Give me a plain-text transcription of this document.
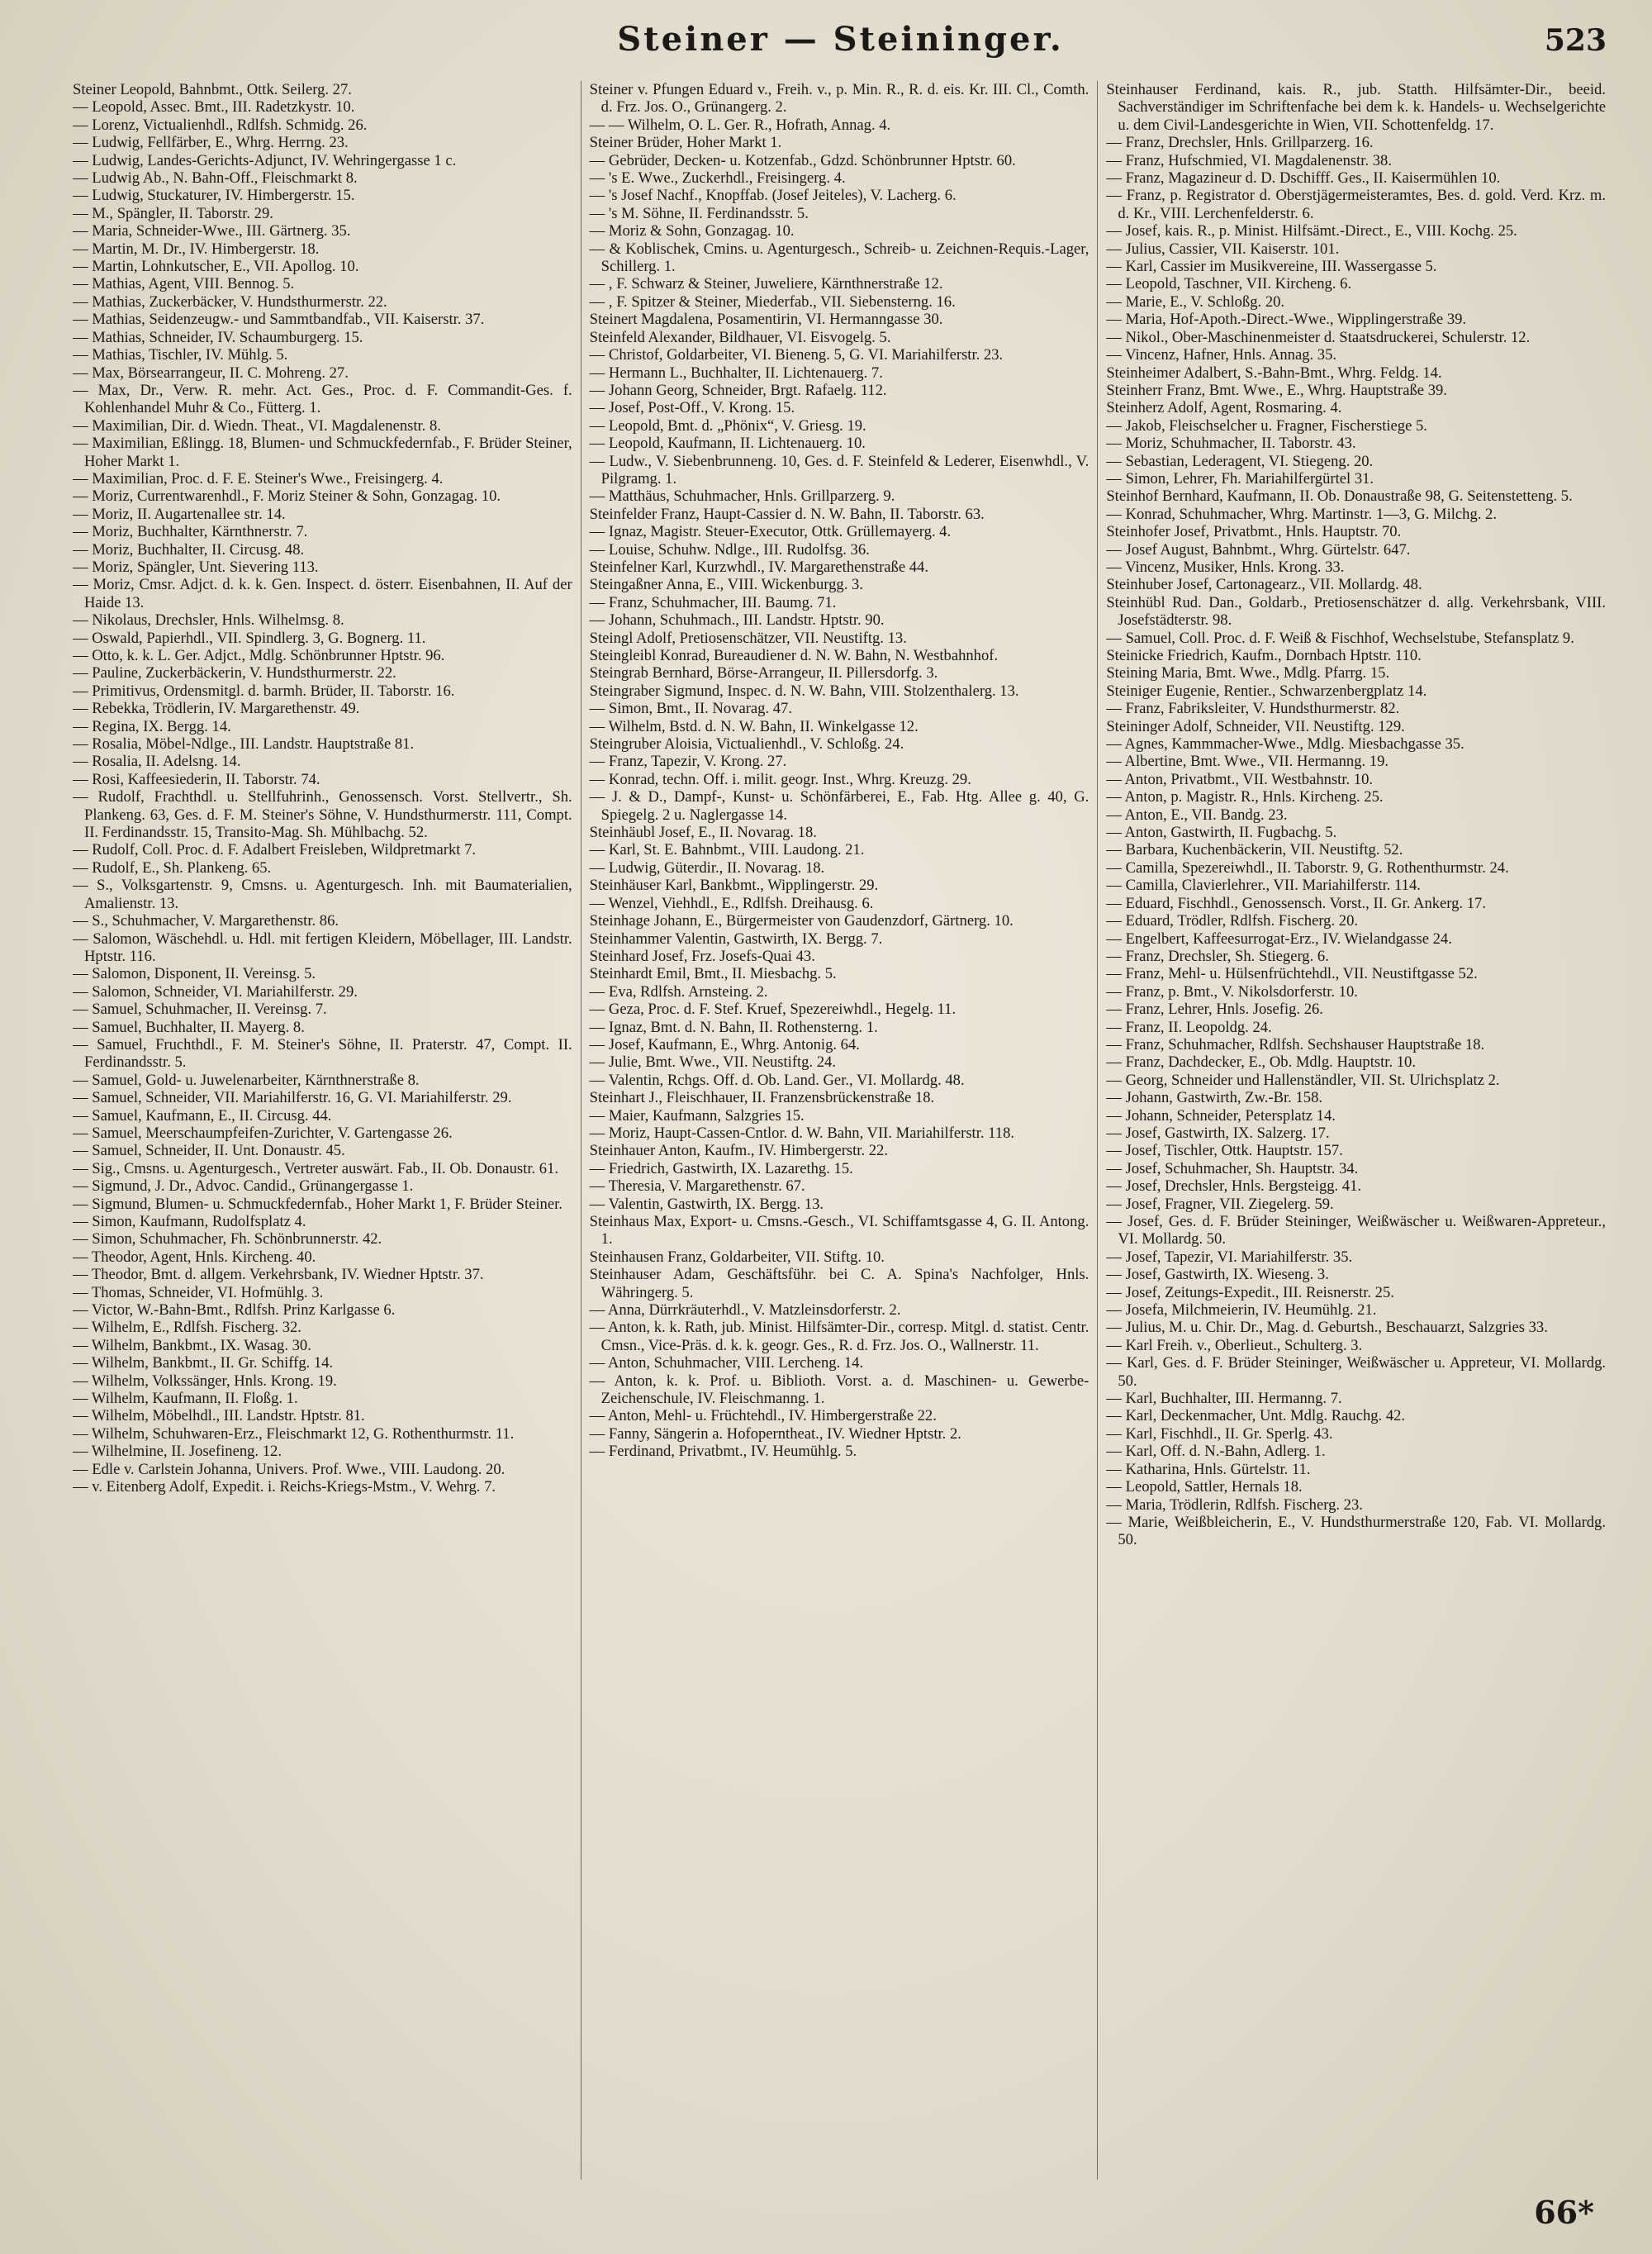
Steiner — Steininger.	523

Steiner Leopold, Bahnbmt., Ottk. Seilerg. 27.

— Leopold, Assec. Bmt., III. Radetzkystr. 10.

— Lorenz, Victualienhdl., Rdlfsh. Schmidg. 26.

— Ludwig, Fellfärber, E., Whrg. Herrng. 23.

— Ludwig, Landes-Gerichts-Adjunct, IV. Wehringergasse 1 c.

— Ludwig Ab., N. Bahn-Off., Fleischmarkt 8.

— Ludwig, Stuckaturer, IV. Himbergerstr. 15.

— M., Spängler, II. Taborstr. 29.

— Maria, Schneider-Wwe., III. Gärtnerg. 35.

— Martin, M. Dr., IV. Himbergerstr. 18.

— Martin, Lohnkutscher, E., VII. Apollog. 10.

— Mathias, Agent, VIII. Bennog. 5.

— Mathias, Zuckerbäcker, V. Hundsthurmerstr. 22.

— Mathias, Seidenzeugw.- und Sammtbandfab., VII. Kaiserstr. 37.

— Mathias, Schneider, IV. Schaumburgerg. 15.

— Mathias, Tischler, IV. Mühlg. 5.

— Max, Börsearrangeur, II. C. Mohreng. 27.

— Max, Dr., Verw. R. mehr. Act. Ges., Proc. d. F. Commandit-Ges. f. Kohlenhandel Muhr & Co., Fütterg. 1.

— Maximilian, Dir. d. Wiedn. Theat., VI. Magdalenenstr. 8.

— Maximilian, Eßlingg. 18, Blumen- und Schmuckfedernfab., F. Brüder Steiner, Hoher Markt 1.

— Maximilian, Proc. d. F. E. Steiner's Wwe., Freisingerg. 4.

— Moriz, Currentwarenhdl., F. Moriz Steiner & Sohn, Gonzagag. 10.

— Moriz, II. Augartenallee str. 14.

— Moriz, Buchhalter, Kärnthnerstr. 7.

— Moriz, Buchhalter, II. Circusg. 48.

— Moriz, Spängler, Unt. Sievering 113.

— Moriz, Cmsr. Adjct. d. k. k. Gen. Inspect. d. österr. Eisenbahnen, II. Auf der Haide 13.

— Nikolaus, Drechsler, Hnls. Wilhelmsg. 8.

— Oswald, Papierhdl., VII. Spindlerg. 3, G. Bognerg. 11.

— Otto, k. k. L. Ger. Adjct., Mdlg. Schönbrunner Hptstr. 96.

— Pauline, Zuckerbäckerin, V. Hundsthurmerstr. 22.

— Primitivus, Ordensmitgl. d. barmh. Brüder, II. Taborstr. 16.

— Rebekka, Trödlerin, IV. Margarethenstr. 49.

— Regina, IX. Bergg. 14.

— Rosalia, Möbel-Ndlge., III. Landstr. Hauptstraße 81.

— Rosalia, II. Adelsng. 14.

— Rosi, Kaffeesiederin, II. Taborstr. 74.

— Rudolf, Frachthdl. u. Stellfuhrinh., Genossensch. Vorst. Stellvertr., Sh. Plankeng. 63, Ges. d. F. M. Steiner's Söhne, V. Hundsthurmerstr. 111, Compt. II. Ferdinandsstr. 15, Transito-Mag. Sh. Mühlbachg. 52.

— Rudolf, Coll. Proc. d. F. Adalbert Freisleben, Wildpretmarkt 7.

— Rudolf, E., Sh. Plankeng. 65.

— S., Volksgartenstr. 9, Cmsns. u. Agenturgesch. Inh. mit Baumaterialien, Amalienstr. 13.

— S., Schuhmacher, V. Margarethenstr. 86.

— Salomon, Wäschehdl. u. Hdl. mit fertigen Kleidern, Möbellager, III. Landstr. Hptstr. 116.

— Salomon, Disponent, II. Vereinsg. 5.

— Salomon, Schneider, VI. Mariahilferstr. 29.

— Samuel, Schuhmacher, II. Vereinsg. 7.

— Samuel, Buchhalter, II. Mayerg. 8.

— Samuel, Fruchthdl., F. M. Steiner's Söhne, II. Praterstr. 47, Compt. II. Ferdinandsstr. 5.

— Samuel, Gold- u. Juwelenarbeiter, Kärnthnerstraße 8.

— Samuel, Schneider, VII. Mariahilferstr. 16, G. VI. Mariahilferstr. 29.

— Samuel, Kaufmann, E., II. Circusg. 44.

— Samuel, Meerschaumpfeifen-Zurichter, V. Gartengasse 26.

— Samuel, Schneider, II. Unt. Donaustr. 45.

— Sig., Cmsns. u. Agenturgesch., Vertreter auswärt. Fab., II. Ob. Donaustr. 61.

— Sigmund, J. Dr., Advoc. Candid., Grünangergasse 1.

— Sigmund, Blumen- u. Schmuckfedernfab., Hoher Markt 1, F. Brüder Steiner.

— Simon, Kaufmann, Rudolfsplatz 4.

— Simon, Schuhmacher, Fh. Schönbrunnerstr. 42.

— Theodor, Agent, Hnls. Kircheng. 40.

— Theodor, Bmt. d. allgem. Verkehrsbank, IV. Wiedner Hptstr. 37.

— Thomas, Schneider, VI. Hofmühlg. 3.

— Victor, W.-Bahn-Bmt., Rdlfsh. Prinz Karlgasse 6.

— Wilhelm, E., Rdlfsh. Fischerg. 32.

— Wilhelm, Bankbmt., IX. Wasag. 30.

— Wilhelm, Bankbmt., II. Gr. Schiffg. 14.

— Wilhelm, Volkssänger, Hnls. Krong. 19.

— Wilhelm, Kaufmann, II. Floßg. 1.

— Wilhelm, Möbelhdl., III. Landstr. Hptstr. 81.

— Wilhelm, Schuhwaren-Erz., Fleischmarkt 12, G. Rothenthurmstr. 11.

— Wilhelmine, II. Josefineng. 12.

— Edle v. Carlstein Johanna, Univers. Prof. Wwe., VIII. Laudong. 20.

— v. Eitenberg Adolf, Expedit. i. Reichs-Kriegs-Mstm., V. Wehrg. 7.

Steiner v. Pfungen Eduard v., Freih. v., p. Min. R., R. d. eis. Kr. III. Cl., Comth. d. Frz. Jos. O., Grünangerg. 2.

— — Wilhelm, O. L. Ger. R., Hofrath, Annag. 4.

Steiner Brüder, Hoher Markt 1.

— Gebrüder, Decken- u. Kotzenfab., Gdzd. Schönbrunner Hptstr. 60.

— 's E. Wwe., Zuckerhdl., Freisingerg. 4.

— 's Josef Nachf., Knopffab. (Josef Jeiteles), V. Lacherg. 6.

— 's M. Söhne, II. Ferdinandsstr. 5.

— Moriz & Sohn, Gonzagag. 10.

— & Koblischek, Cmins. u. Agenturgesch., Schreib- u. Zeichnen-Requis.-Lager, Schillerg. 1.

— , F. Schwarz & Steiner, Juweliere, Kärnthnerstraße 12.

— , F. Spitzer & Steiner, Miederfab., VII. Siebensterng. 16.

Steinert Magdalena, Posamentirin, VI. Hermanngasse 30.

Steinfeld Alexander, Bildhauer, VI. Eisvogelg. 5.

— Christof, Goldarbeiter, VI. Bieneng. 5, G. VI. Mariahilferstr. 23.

— Hermann L., Buchhalter, II. Lichtenauerg. 7.

— Johann Georg, Schneider, Brgt. Rafaelg. 112.

— Josef, Post-Off., V. Krong. 15.

— Leopold, Bmt. d. „Phönix“, V. Griesg. 19.

— Leopold, Kaufmann, II. Lichtenauerg. 10.

— Ludw., V. Siebenbrunneng. 10, Ges. d. F. Steinfeld & Lederer, Eisenwhdl., V. Pilgramg. 1.

— Matthäus, Schuhmacher, Hnls. Grillparzerg. 9.

Steinfelder Franz, Haupt-Cassier d. N. W. Bahn, II. Taborstr. 63.

— Ignaz, Magistr. Steuer-Executor, Ottk. Grüllemayerg. 4.

— Louise, Schuhw. Ndlge., III. Rudolfsg. 36.

Steinfelner Karl, Kurzwhdl., IV. Margarethenstraße 44.

Steingaßner Anna, E., VIII. Wickenburgg. 3.

— Franz, Schuhmacher, III. Baumg. 71.

— Johann, Schuhmach., III. Landstr. Hptstr. 90.

Steingl Adolf, Pretiosenschätzer, VII. Neustiftg. 13.

Steingleibl Konrad, Bureaudiener d. N. W. Bahn, N. Westbahnhof.

Steingrab Bernhard, Börse-Arrangeur, II. Pillersdorfg. 3.

Steingraber Sigmund, Inspec. d. N. W. Bahn, VIII. Stolzenthalerg. 13.

— Simon, Bmt., II. Novarag. 47.

— Wilhelm, Bstd. d. N. W. Bahn, II. Winkelgasse 12.

Steingruber Aloisia, Victualienhdl., V. Schloßg. 24.

— Franz, Tapezir, V. Krong. 27.

— Konrad, techn. Off. i. milit. geogr. Inst., Whrg. Kreuzg. 29.

— J. & D., Dampf-, Kunst- u. Schönfärberei, E., Fab. Htg. Allee g. 40, G. Spiegelg. 2 u. Naglergasse 14.

Steinhäubl Josef, E., II. Novarag. 18.

— Karl, St. E. Bahnbmt., VIII. Laudong. 21.

— Ludwig, Güterdir., II. Novarag. 18.

Steinhäuser Karl, Bankbmt., Wipplingerstr. 29.

— Wenzel, Viehhdl., E., Rdlfsh. Dreihausg. 6.

Steinhage Johann, E., Bürgermeister von Gaudenzdorf, Gärtnerg. 10.

Steinhammer Valentin, Gastwirth, IX. Bergg. 7.

Steinhard Josef, Frz. Josefs-Quai 43.

Steinhardt Emil, Bmt., II. Miesbachg. 5.

— Eva, Rdlfsh. Arnsteing. 2.

— Geza, Proc. d. F. Stef. Kruef, Spezereiwhdl., Hegelg. 11.

— Ignaz, Bmt. d. N. Bahn, II. Rothensterng. 1.

— Josef, Kaufmann, E., Whrg. Antonig. 64.

— Julie, Bmt. Wwe., VII. Neustiftg. 24.

— Valentin, Rchgs. Off. d. Ob. Land. Ger., VI. Mollardg. 48.

Steinhart J., Fleischhauer, II. Franzensbrückenstraße 18.

— Maier, Kaufmann, Salzgries 15.

— Moriz, Haupt-Cassen-Cntlor. d. W. Bahn, VII. Mariahilferstr. 118.

Steinhauer Anton, Kaufm., IV. Himbergerstr. 22.

— Friedrich, Gastwirth, IX. Lazarethg. 15.

— Theresia, V. Margarethenstr. 67.

— Valentin, Gastwirth, IX. Bergg. 13.

Steinhaus Max, Export- u. Cmsns.-Gesch., VI. Schiffamtsgasse 4, G. II. Antong. 1.

Steinhausen Franz, Goldarbeiter, VII. Stiftg. 10.

Steinhauser Adam, Geschäftsführ. bei C. A. Spina's Nachfolger, Hnls. Währingerg. 5.

— Anna, Dürrkräuterhdl., V. Matzleinsdorferstr. 2.

— Anton, k. k. Rath, jub. Minist. Hilfsämter-Dir., corresp. Mitgl. d. statist. Centr. Cmsn., Vice-Präs. d. k. k. geogr. Ges., R. d. Frz. Jos. O., Wallnerstr. 11.

— Anton, Schuhmacher, VIII. Lercheng. 14.

— Anton, k. k. Prof. u. Biblioth. Vorst. a. d. Maschinen- u. Gewerbe-Zeichenschule, IV. Fleischmanng. 1.

— Anton, Mehl- u. Früchtehdl., IV. Himbergerstraße 22.

— Fanny, Sängerin a. Hofoperntheat., IV. Wiedner Hptstr. 2.

— Ferdinand, Privatbmt., IV. Heumühlg. 5.

Steinhauser Ferdinand, kais. R., jub. Statth. Hilfsämter-Dir., beeid. Sachverständiger im Schriftenfache bei dem k. k. Handels- u. Wechselgerichte u. dem Civil-Landesgerichte in Wien, VII. Schottenfeldg. 17.

— Franz, Drechsler, Hnls. Grillparzerg. 16.

— Franz, Hufschmied, VI. Magdalenenstr. 38.

— Franz, Magazineur d. D. Dschifff. Ges., II. Kaisermühlen 10.

— Franz, p. Registrator d. Oberstjägermeisteramtes, Bes. d. gold. Verd. Krz. m. d. Kr., VIII. Lerchenfelderstr. 6.

— Josef, kais. R., p. Minist. Hilfsämt.-Direct., E., VIII. Kochg. 25.

— Julius, Cassier, VII. Kaiserstr. 101.

— Karl, Cassier im Musikvereine, III. Wassergasse 5.

— Leopold, Taschner, VII. Kircheng. 6.

— Marie, E., V. Schloßg. 20.

— Maria, Hof-Apoth.-Direct.-Wwe., Wipplingerstraße 39.

— Nikol., Ober-Maschinenmeister d. Staatsdruckerei, Schulerstr. 12.

— Vincenz, Hafner, Hnls. Annag. 35.

Steinheimer Adalbert, S.-Bahn-Bmt., Whrg. Feldg. 14.

Steinherr Franz, Bmt. Wwe., E., Whrg. Hauptstraße 39.

Steinherz Adolf, Agent, Rosmaring. 4.

— Jakob, Fleischselcher u. Fragner, Fischerstiege 5.

— Moriz, Schuhmacher, II. Taborstr. 43.

— Sebastian, Lederagent, VI. Stiegeng. 20.

— Simon, Lehrer, Fh. Mariahilfergürtel 31.

Steinhof Bernhard, Kaufmann, II. Ob. Donaustraße 98, G. Seitenstetteng. 5.

— Konrad, Schuhmacher, Whrg. Martinstr. 1—3, G. Milchg. 2.

Steinhofer Josef, Privatbmt., Hnls. Hauptstr. 70.

— Josef August, Bahnbmt., Whrg. Gürtelstr. 647.

— Vincenz, Musiker, Hnls. Krong. 33.

Steinhuber Josef, Cartonagearz., VII. Mollardg. 48.

Steinhübl Rud. Dan., Goldarb., Pretiosenschätzer d. allg. Verkehrsbank, VIII. Josefstädterstr. 98.

— Samuel, Coll. Proc. d. F. Weiß & Fischhof, Wechselstube, Stefansplatz 9.

Steinicke Friedrich, Kaufm., Dornbach Hptstr. 110.

Steining Maria, Bmt. Wwe., Mdlg. Pfarrg. 15.

Steiniger Eugenie, Rentier., Schwarzenbergplatz 14.

— Franz, Fabriksleiter, V. Hundsthurmerstr. 82.

Steininger Adolf, Schneider, VII. Neustiftg. 129.

— Agnes, Kammmacher-Wwe., Mdlg. Miesbachgasse 35.

— Albertine, Bmt. Wwe., VII. Hermanng. 19.

— Anton, Privatbmt., VII. Westbahnstr. 10.

— Anton, p. Magistr. R., Hnls. Kircheng. 25.

— Anton, E., VII. Bandg. 23.

— Anton, Gastwirth, II. Fugbachg. 5.

— Barbara, Kuchenbäckerin, VII. Neustiftg. 52.

— Camilla, Spezereiwhdl., II. Taborstr. 9, G. Rothenthurmstr. 24.

— Camilla, Clavierlehrer., VII. Mariahilferstr. 114.

— Eduard, Fischhdl., Genossensch. Vorst., II. Gr. Ankerg. 17.

— Eduard, Trödler, Rdlfsh. Fischerg. 20.

— Engelbert, Kaffeesurrogat-Erz., IV. Wielandgasse 24.

— Franz, Drechsler, Sh. Stiegerg. 6.

— Franz, Mehl- u. Hülsenfrüchtehdl., VII. Neustiftgasse 52.

— Franz, p. Bmt., V. Nikolsdorferstr. 10.

— Franz, Lehrer, Hnls. Josefig. 26.

— Franz, II. Leopoldg. 24.

— Franz, Schuhmacher, Rdlfsh. Sechshauser Hauptstraße 18.

— Franz, Dachdecker, E., Ob. Mdlg. Hauptstr. 10.

— Georg, Schneider und Hallenständler, VII. St. Ulrichsplatz 2.

— Johann, Gastwirth, Zw.-Br. 158.

— Johann, Schneider, Petersplatz 14.

— Josef, Gastwirth, IX. Salzerg. 17.

— Josef, Tischler, Ottk. Hauptstr. 157.

— Josef, Schuhmacher, Sh. Hauptstr. 34.

— Josef, Drechsler, Hnls. Bergsteigg. 41.

— Josef, Fragner, VII. Ziegelerg. 59.

— Josef, Ges. d. F. Brüder Steininger, Weißwäscher u. Weißwaren-Appreteur., VI. Mollardg. 50.

— Josef, Tapezir, VI. Mariahilferstr. 35.

— Josef, Gastwirth, IX. Wieseng. 3.

— Josef, Zeitungs-Expedit., III. Reisnerstr. 25.

— Josefa, Milchmeierin, IV. Heumühlg. 21.

— Julius, M. u. Chir. Dr., Mag. d. Geburtsh., Beschauarzt, Salzgries 33.

— Karl Freih. v., Oberlieut., Schulterg. 3.

— Karl, Ges. d. F. Brüder Steininger, Weißwäscher u. Appreteur, VI. Mollardg. 50.

— Karl, Buchhalter, III. Hermanng. 7.

— Karl, Deckenmacher, Unt. Mdlg. Rauchg. 42.

— Karl, Fischhdl., II. Gr. Sperlg. 43.

— Karl, Off. d. N.-Bahn, Adlerg. 1.

— Katharina, Hnls. Gürtelstr. 11.

— Leopold, Sattler, Hernals 18.

— Maria, Trödlerin, Rdlfsh. Fischerg. 23.

— Marie, Weißbleicherin, E., V. Hundsthurmerstraße 120, Fab. VI. Mollardg. 50.

66*
